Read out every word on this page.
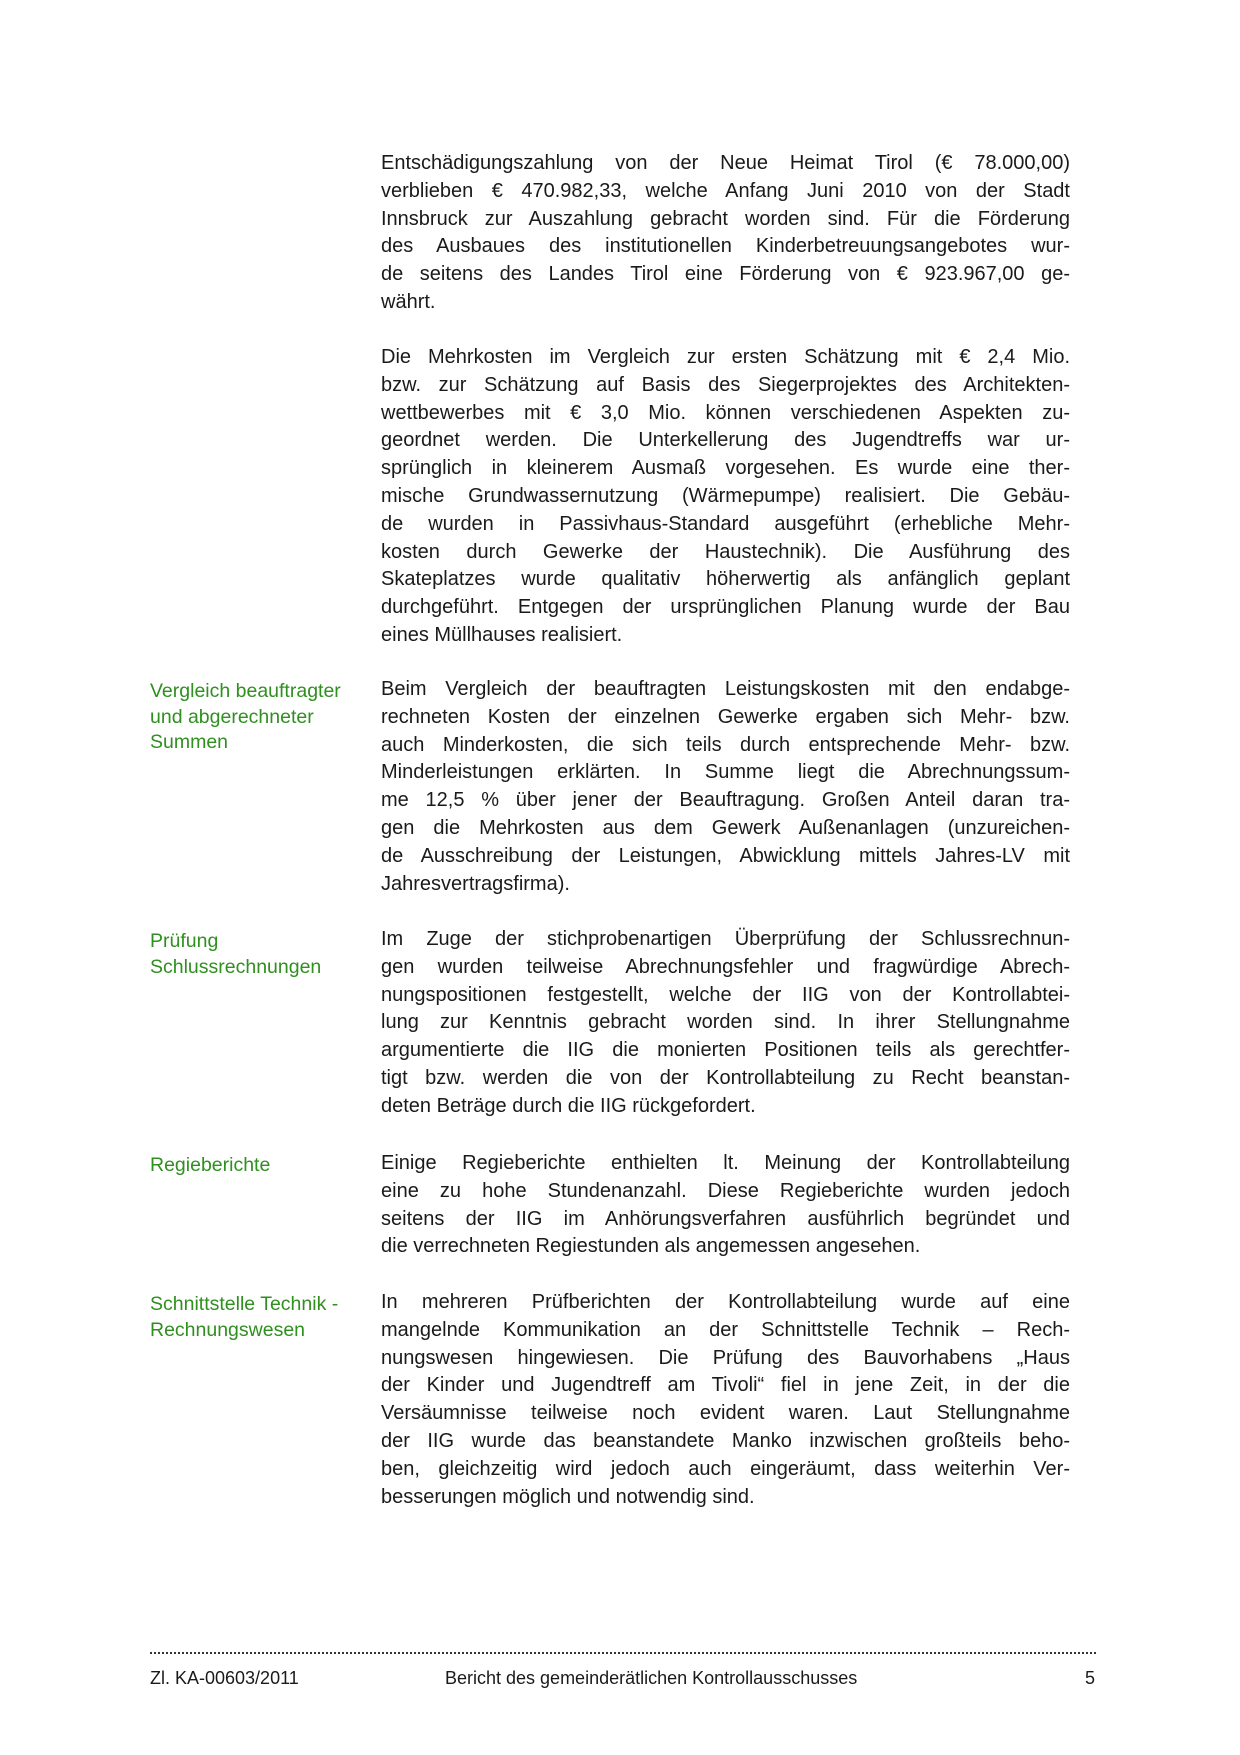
Entschädigungszahlung von der Neue Heimat Tirol (€ 78.000,00)
verblieben € 470.982,33, welche Anfang Juni 2010 von der Stadt
Innsbruck zur Auszahlung gebracht worden sind. Für die Förderung
des Ausbaues des institutionellen Kinderbetreuungsangebotes wur-
de seitens des Landes Tirol eine Förderung von € 923.967,00 ge-
währt.
Die Mehrkosten im Vergleich zur ersten Schätzung mit € 2,4 Mio.
bzw. zur Schätzung auf Basis des Siegerprojektes des Architekten-
wettbewerbes mit € 3,0 Mio. können verschiedenen Aspekten zu-
geordnet werden. Die Unterkellerung des Jugendtreffs war ur-
sprünglich in kleinerem Ausmaß vorgesehen. Es wurde eine ther-
mische Grundwassernutzung (Wärmepumpe) realisiert. Die Gebäu-
de wurden in Passivhaus-Standard ausgeführt (erhebliche Mehr-
kosten durch Gewerke der Haustechnik). Die Ausführung des
Skateplatzes wurde qualitativ höherwertig als anfänglich geplant
durchgeführt. Entgegen der ursprünglichen Planung wurde der Bau
eines Müllhauses realisiert.
Beim Vergleich der beauftragten Leistungskosten mit den endabge-
rechneten Kosten der einzelnen Gewerke ergaben sich Mehr- bzw.
auch Minderkosten, die sich teils durch entsprechende Mehr- bzw.
Minderleistungen erklärten. In Summe liegt die Abrechnungssum-
me 12,5 % über jener der Beauftragung. Großen Anteil daran tra-
gen die Mehrkosten aus dem Gewerk Außenanlagen (unzureichen-
de Ausschreibung der Leistungen, Abwicklung mittels Jahres-LV mit
Jahresvertragsfirma).
Vergleich beauftragter
und abgerechneter
Summen
Im Zuge der stichprobenartigen Überprüfung der Schlussrechnun-
gen wurden teilweise Abrechnungsfehler und fragwürdige Abrech-
nungspositionen festgestellt, welche der IIG von der Kontrollabtei-
lung zur Kenntnis gebracht worden sind. In ihrer Stellungnahme
argumentierte die IIG die monierten Positionen teils als gerechtfer-
tigt bzw. werden die von der Kontrollabteilung zu Recht beanstan-
deten Beträge durch die IIG rückgefordert.
Prüfung
Schlussrechnungen
Einige Regieberichte enthielten lt. Meinung der Kontrollabteilung
eine zu hohe Stundenanzahl. Diese Regieberichte wurden jedoch
seitens der IIG im Anhörungsverfahren ausführlich begründet und
die verrechneten Regiestunden als angemessen angesehen.
Regieberichte
In mehreren Prüfberichten der Kontrollabteilung wurde auf eine
mangelnde Kommunikation an der Schnittstelle Technik – Rech-
nungswesen hingewiesen. Die Prüfung des Bauvorhabens „Haus
der Kinder und Jugendtreff am Tivoli“ fiel in jene Zeit, in der die
Versäumnisse teilweise noch evident waren. Laut Stellungnahme
der IIG wurde das beanstandete Manko inzwischen großteils beho-
ben, gleichzeitig wird jedoch auch eingeräumt, dass weiterhin Ver-
besserungen möglich und notwendig sind.
Schnittstelle Technik -
Rechnungswesen
Zl. KA-00603/2011	Bericht des gemeinderätlichen Kontrollausschusses	5
